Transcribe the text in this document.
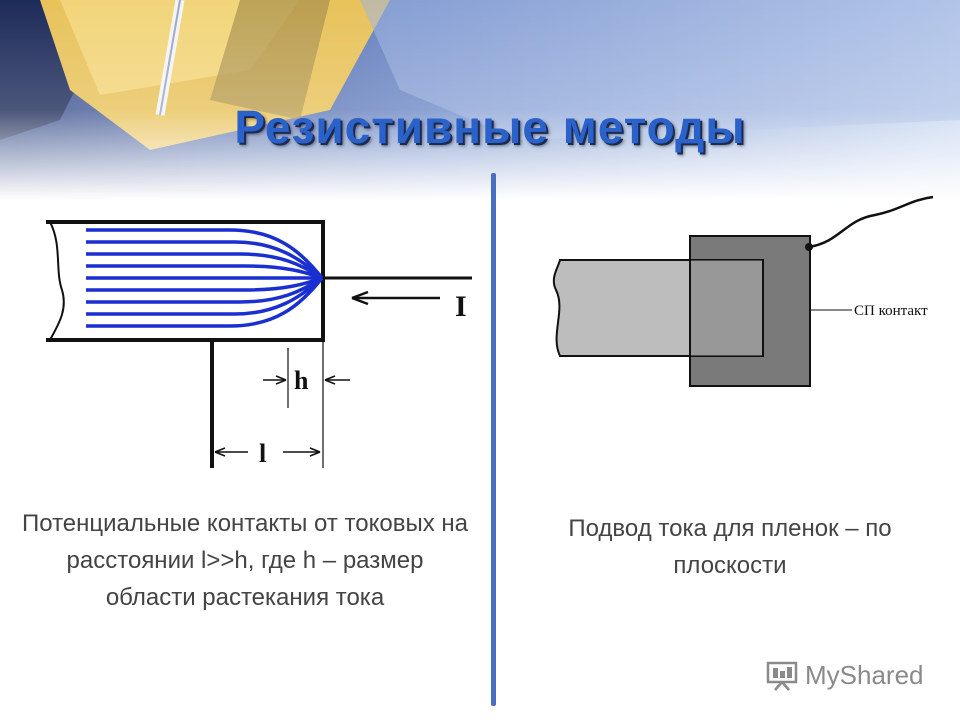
Резистивные методы
I
h
l
СП контакт
Потенциальные контакты от токовых на расстоянии l>>h, где h – размер области растекания тока
Подвод тока для пленок – по плоскости
MyShared
